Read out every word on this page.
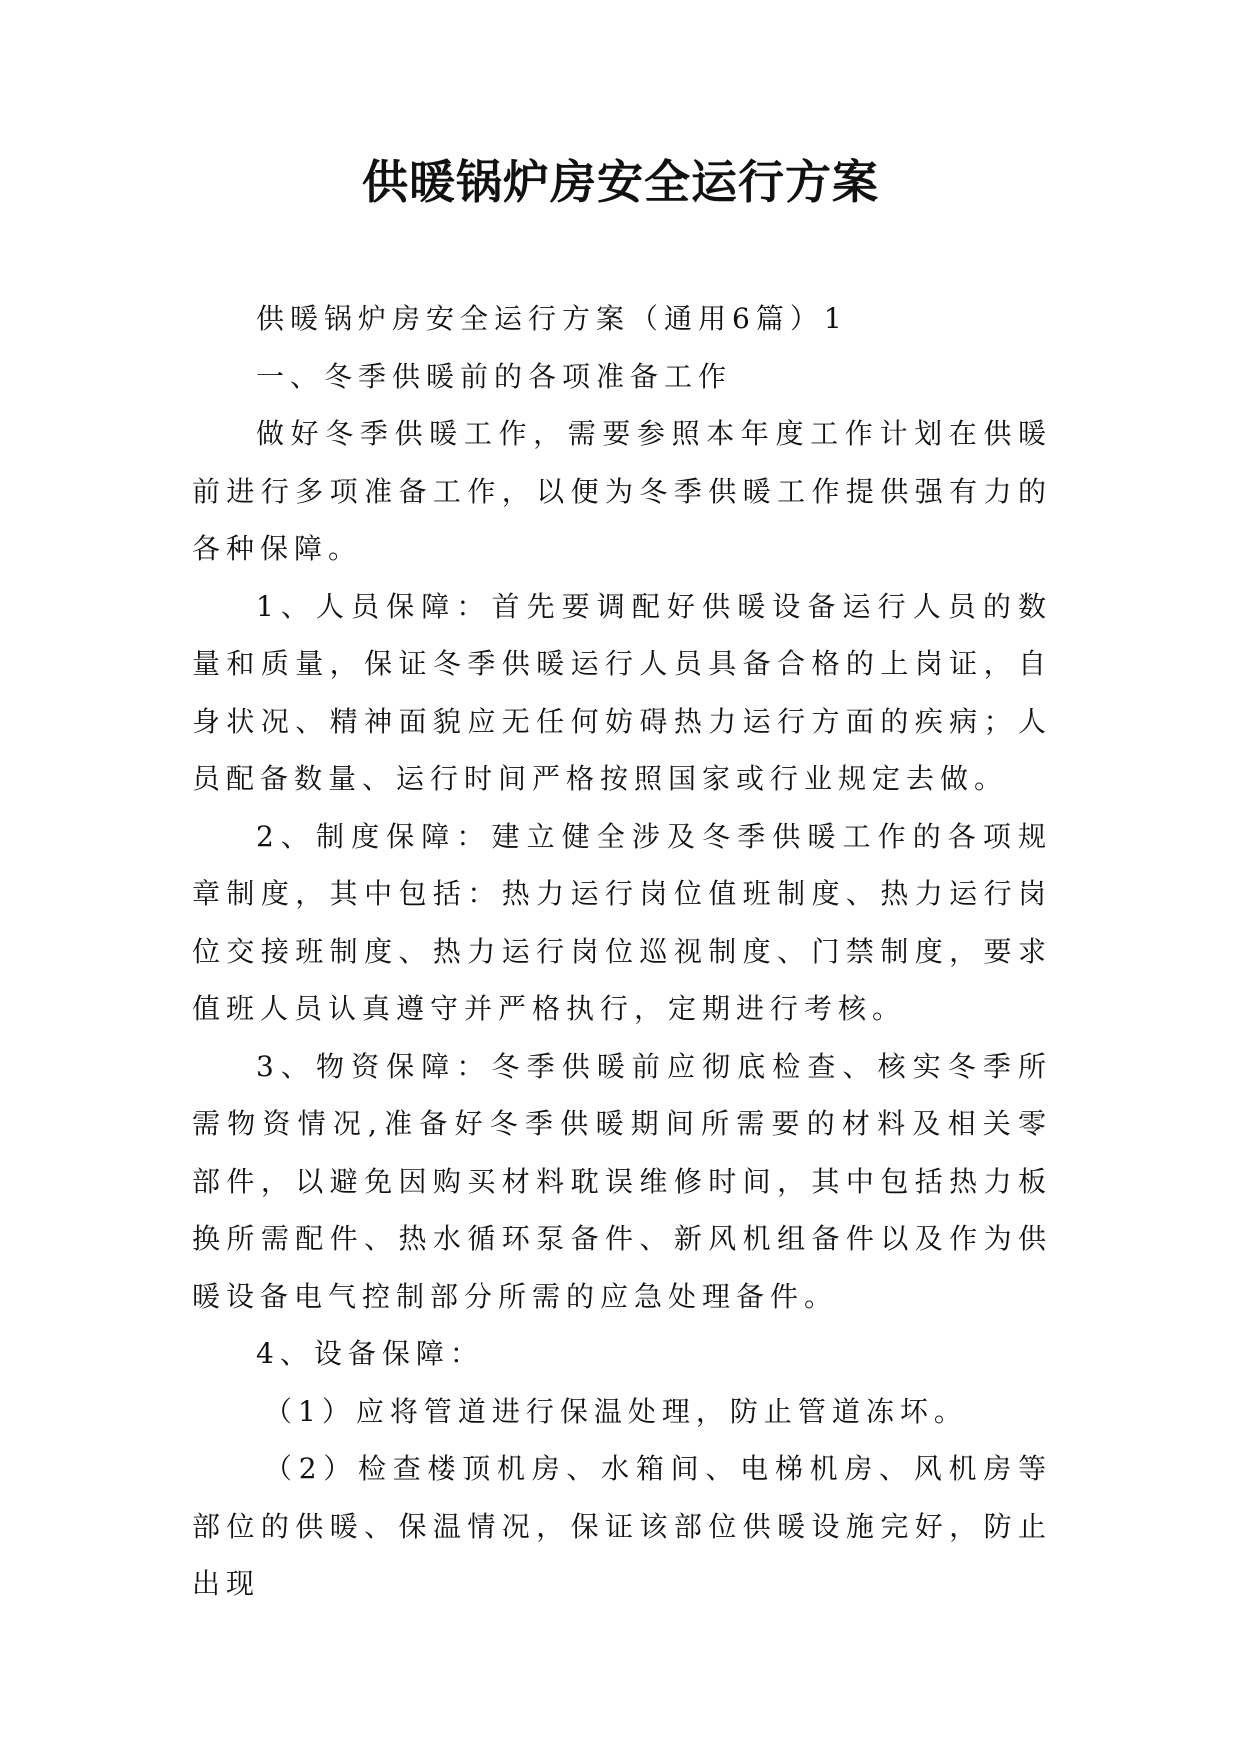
供暖锅炉房安全运行方案

供暖锅炉房安全运行方案（通用6篇）1

一、冬季供暖前的各项准备工作

做好冬季供暖工作，需要参照本年度工作计划在供暖前进行多项准备工作，以便为冬季供暖工作提供强有力的各种保障。

1、人员保障：首先要调配好供暖设备运行人员的数量和质量，保证冬季供暖运行人员具备合格的上岗证，自身状况、精神面貌应无任何妨碍热力运行方面的疾病；人员配备数量、运行时间严格按照国家或行业规定去做。

2、制度保障：建立健全涉及冬季供暖工作的各项规章制度，其中包括：热力运行岗位值班制度、热力运行岗位交接班制度、热力运行岗位巡视制度、门禁制度，要求值班人员认真遵守并严格执行，定期进行考核。

3、物资保障：冬季供暖前应彻底检查、核实冬季所需物资情况,准备好冬季供暖期间所需要的材料及相关零部件，以避免因购买材料耽误维修时间，其中包括热力板换所需配件、热水循环泵备件、新风机组备件以及作为供暖设备电气控制部分所需的应急处理备件。

4、设备保障：

（1）应将管道进行保温处理，防止管道冻坏。

（2）检查楼顶机房、水箱间、电梯机房、风机房等部位的供暖、保温情况，保证该部位供暖设施完好，防止出现
